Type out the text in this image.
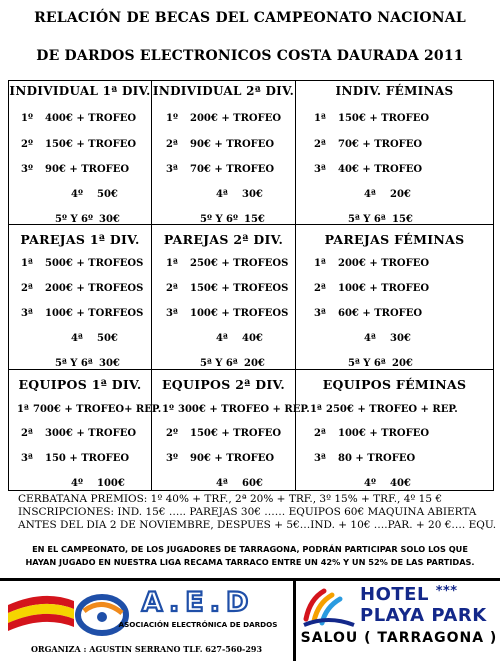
RELACIÓN DE BECAS DEL CAMPEONATO NACIONAL
DE DARDOS ELECTRONICOS COSTA DAURADA 2011
INDIVIDUAL 1ª DIV.
1º 400€ + TROFEO
2º 150€ + TROFEO
3º 90€ + TROFEO
4º 50€
5º Y 6º 30€
INDIVIDUAL 2ª DIV.
1º 200€ + TROFEO
2ª 90€ + TROFEO
3ª 70€ + TROFEO
4ª 30€
5º Y 6º 15€
INDIV. FÉMINAS
1ª 150€ + TROFEO
2ª 70€ + TROFEO
3ª 40€ + TROFEO
4ª 20€
5ª Y 6ª 15€
PAREJAS 1ª DIV.
1ª 500€ + TROFEOS
2ª 200€ + TROFEOS
3ª 100€ + TORFEOS
4ª 50€
5ª Y 6ª 30€
PAREJAS 2ª DIV.
1ª 250€ + TROFEOS
2ª 150€ + TROFEOS
3ª 100€ + TROFEOS
4ª 40€
5ª Y 6ª 20€
PAREJAS FÉMINAS
1ª 200€ + TROFEO
2ª 100€ + TROFEO
3ª 60€ + TROFEO
4ª 30€
5ª Y 6ª 20€
EQUIPOS 1ª DIV.
1ª 700€ + TROFEO+ REP.
2ª 300€ + TROFEO
3ª 150 + TROFEO
4º 100€
EQUIPOS 2ª DIV.
1º 300€ + TROFEO + REP.
2º 150€ + TROFEO
3º 90€ + TROFEO
4ª 60€
EQUIPOS FÉMINAS
1ª 250€ + TROFEO + REP.
2ª 100€ + TROFEO
3ª 80 + TROFEO
4º 40€
CERBATANA PREMIOS: 1º 40% + TRF., 2ª 20% + TRF., 3º 15% + TRF., 4º 15 €
INSCRIPCIONES: IND. 15€ ….. PAREJAS 30€ …… EQUIPOS 60€ MAQUINA ABIERTA
ANTES DEL DIA 2 DE NOVIEMBRE, DESPUES + 5€…IND. + 10€ ….PAR. + 20 €…. EQU.
EN EL CAMPEONATO, DE LOS JUGADORES DE TARRAGONA, PODRÁN PARTICIPAR SOLO LOS QUE
HAYAN JUGADO EN NUESTRA LIGA RECAMA TARRACO ENTRE UN 42% Y UN 52% DE LAS PARTIDAS.
A.E.D
ASOCIACIÓN ELECTRÓNICA DE DARDOS
ORGANIZA : AGUSTIN SERRANO TLF. 627-560-293
HOTEL ***
PLAYA PARK
SALOU ( TARRAGONA )
